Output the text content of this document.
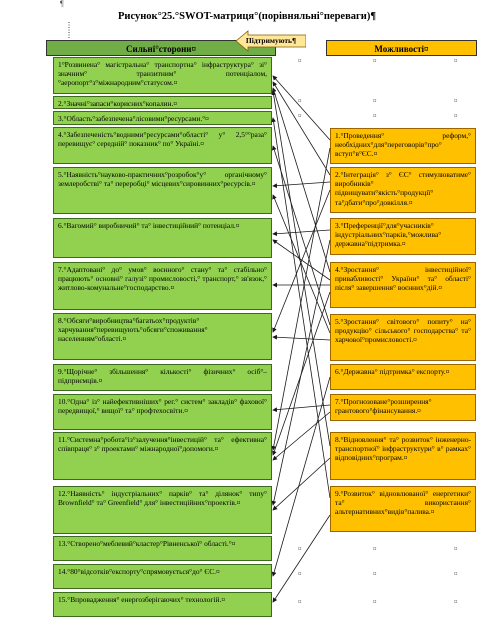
¶
Рисунок°25.°SWOT-матриця°(порівняльні°переваги)¶
Сильні°сторони¤	Можливості¤
Підтримують¶
1°Розвинена° магістральна° транспортна° інфраструктура° зі° значним° транзитним° потенціалом,°аеропорт°з°міжнародним°статусом.¤
2.°Значні°запаси°корисних°копалин.¤
3.°Область°забезпечена°лісовими°ресурсами.°¤
4.°Забезпеченість°водними°ресурсами°області° у° 2,5°°раза° перевищує° середній° показник° по° Україні.¤
5.°Наявність°науково-практичних°розробок°у° органічному° землеробстві° та° переробці° місцевих°сировинних°ресурсів.¤
6.°Вагомий° виробничий° та° інвестиційний° потенціал.¤
7.°Адаптовані° до° умов° воєнного° стану° та° стабільно° працюють° основні° галузі° промисловості,° транспорт,° зв'язок,° житлово-комунальне°господарство.¤
8.°Обсяги°виробництва°багатьох°продуктів° харчування°перевищують°обсяги°споживання° населенням°області.¤
9.°Щорічне° збільшення° кількості° фізичних° осіб°–підприємців.¤
10.°Одна° із° найефективніших° рег.° систем° закладів° фахової° передвищої,° вищої° та° профтехосвіти.¤
11.°Системна°робота°із°залучення°інвестицій° та° ефективна° співпраця° з° проектами° міжнародної°допомоги.¤
12.°Наявність° індустріальних° парків° та° ділянок° типу° Brownfield° та° Greenfield° для° інвестиційних°проектів.¤
13.°Створено°меблевий°кластер°Рівненської° області.°¤
14.°80°відсотків°експорту°спрямовується°до° ЄС.¤
15.°Впровадження° енергозберігаючих° технологій.¤
1.°Проведення° реформ,° необхідних°для°переговорів°про° вступ°в°ЄС.¤
2.°Інтеграція° з° ЄС° стимулюватиме° виробників° підвищувати°якість°продукції° та°дбати°про°довкілля.¤
3.°Преференції°для°учасників° індустріальних°парків,°можлива° державна°підтримка.¤
4.°Зростання° інвестиційної° привабливості° України° та° області° після° завершення° воєнних°дій.¤
5.°Зростання° світового° попиту° на° продукцію° сільського° господарства° та° харчової°промисловості.¤
6.°Державна° підтримка° експорту.¤
7.°Прогнозоване°розширення° грантового°фінансування.¤
8.°Відновлення° та° розвиток° інженерно-транспортної° інфраструктури° в° рамках° відповідних°програм.¤
9.°Розвиток° відновлюваної° енергетики° та° використання° альтернативних°видів°палива.¤
¤	¤	¤
¤	¤	¤
¤	¤	¤
¤	¤	¤
¤	¤	¤
¤	¤	¤
